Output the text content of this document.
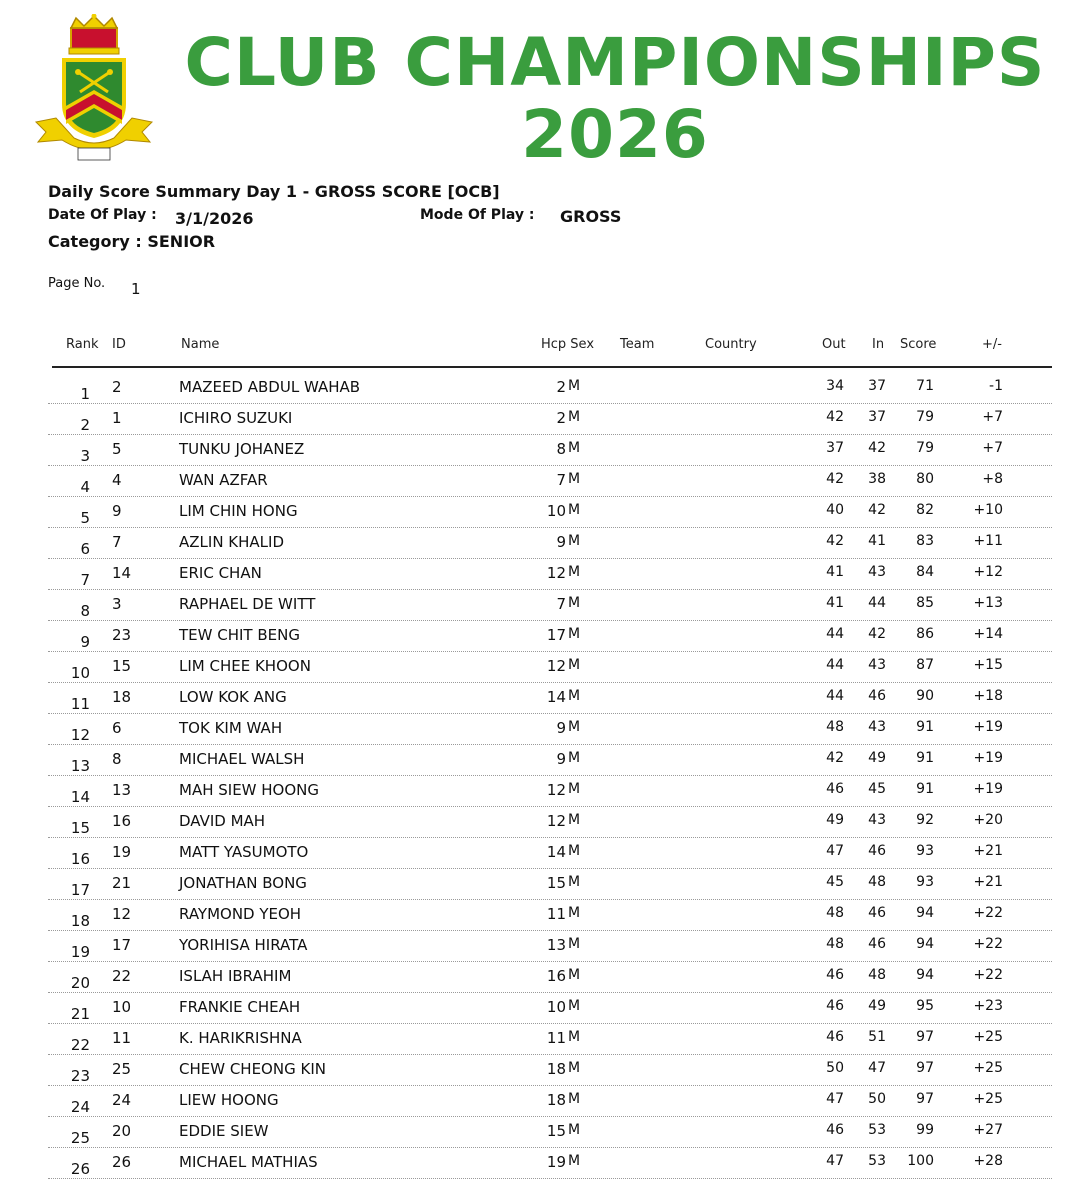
CLUB CHAMPIONSHIPS
2026
Daily Score Summary Day 1 - GROSS SCORE [OCB]
Date Of Play : 3/1/2026	Mode Of Play : GROSS
Category : SENIOR
Page No. 1
Rank ID	Name	Hcp Sex Team	Country	Out In Score	+/-
1 2	MAZEED ABDUL WAHAB	2 M	34	37	71	-1
2 1	ICHIRO SUZUKI	2 M	42	37	79	+7
3 5	TUNKU JOHANEZ	8 M	37	42	79	+7
4 4	WAN AZFAR	7 M	42	38	80	+8
5 9	LIM CHIN HONG	10 M	40	42	82	+10
6 7	AZLIN KHALID	9 M	42	41	83	+11
7 14	ERIC CHAN	12 M	41	43	84	+12
8 3	RAPHAEL DE WITT	7 M	41	44	85	+13
9 23	TEW CHIT BENG	17 M	44	42	86	+14
10 15	LIM CHEE KHOON	12 M	44	43	87	+15
11 18	LOW KOK ANG	14 M	44	46	90	+18
12 6	TOK KIM WAH	9 M	48	43	91	+19
13 8	MICHAEL WALSH	9 M	42	49	91	+19
14 13	MAH SIEW HOONG	12 M	46	45	91	+19
15 16	DAVID MAH	12 M	49	43	92	+20
16 19	MATT YASUMOTO	14 M	47	46	93	+21
17 21	JONATHAN BONG	15 M	45	48	93	+21
18 12	RAYMOND YEOH	11 M	48	46	94	+22
19 17	YORIHISA HIRATA	13 M	48	46	94	+22
20 22	ISLAH IBRAHIM	16 M	46	48	94	+22
21 10	FRANKIE CHEAH	10 M	46	49	95	+23
22 11	K. HARIKRISHNA	11 M	46	51	97	+25
23 25	CHEW CHEONG KIN	18 M	50	47	97	+25
24 24	LIEW HOONG	18 M	47	50	97	+25
25 20	EDDIE SIEW	15 M	46	53	99	+27
26 26	MICHAEL MATHIAS	19 M	47	53	100	+28
